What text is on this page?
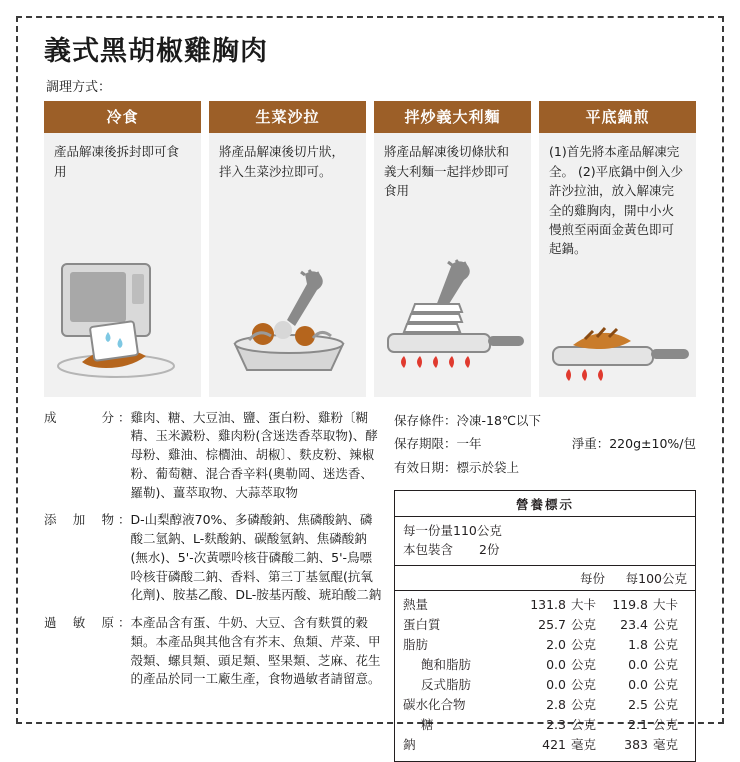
義式黑胡椒雞胸肉
調理方式：
冷食
產品解凍後拆封即可食用
生菜沙拉
將產品解凍後切片狀，拌入生菜沙拉即可。
拌炒義大利麵
將產品解凍後切條狀和義大利麵一起拌炒即可食用
平底鍋煎
(1)首先將本產品解凍完全。 (2)平底鍋中倒入少許沙拉油，放入解凍完全的雞胸肉，開中小火慢煎至兩面金黃色即可起鍋。
成分 ： 雞肉、糖、大豆油、鹽、蛋白粉、雞粉〔糊精、玉米澱粉、雞肉粉(含迷迭香萃取物)、酵母粉、雞油、棕櫚油、胡椒〕、麩皮粉、辣椒粉、葡萄糖、混合香辛料(奧勒岡、迷迭香、羅勒)、薑萃取物、大蒜萃取物
添加物 ： D-山梨醇液70%、多磷酸鈉、焦磷酸鈉、磷酸二氫鈉、L-麩酸鈉、碳酸氫鈉、焦磷酸鈉(無水)、5'-次黃嘌呤核苷磷酸二鈉、5'-鳥嘌呤核苷磷酸二鈉、香料、第三丁基氫醌(抗氧化劑)、胺基乙酸、DL-胺基丙酸、琥珀酸二鈉
過敏原 ： 本產品含有蛋、牛奶、大豆、含有麩質的穀類。本產品與其他含有芥末、魚類、芹菜、甲殼類、螺貝類、頭足類、堅果類、芝麻、花生的產品於同一工廠生產，食物過敏者請留意。
保存條件 ： 冷凍-18℃以下
保存期限 ： 一年	淨重：220g±10%/包
有效日期 ： 標示於袋上
營養標示
每一份量110公克
本包裝含 2份
每份	每100公克
熱量	131.8 大卡	119.8 大卡
蛋白質	25.7 公克	23.4 公克
脂肪	2.0 公克	1.8 公克
飽和脂肪	0.0 公克	0.0 公克
反式脂肪	0.0 公克	0.0 公克
碳水化合物	2.8 公克	2.5 公克
糖	2.3 公克	2.1 公克
鈉	421 毫克	383 毫克
